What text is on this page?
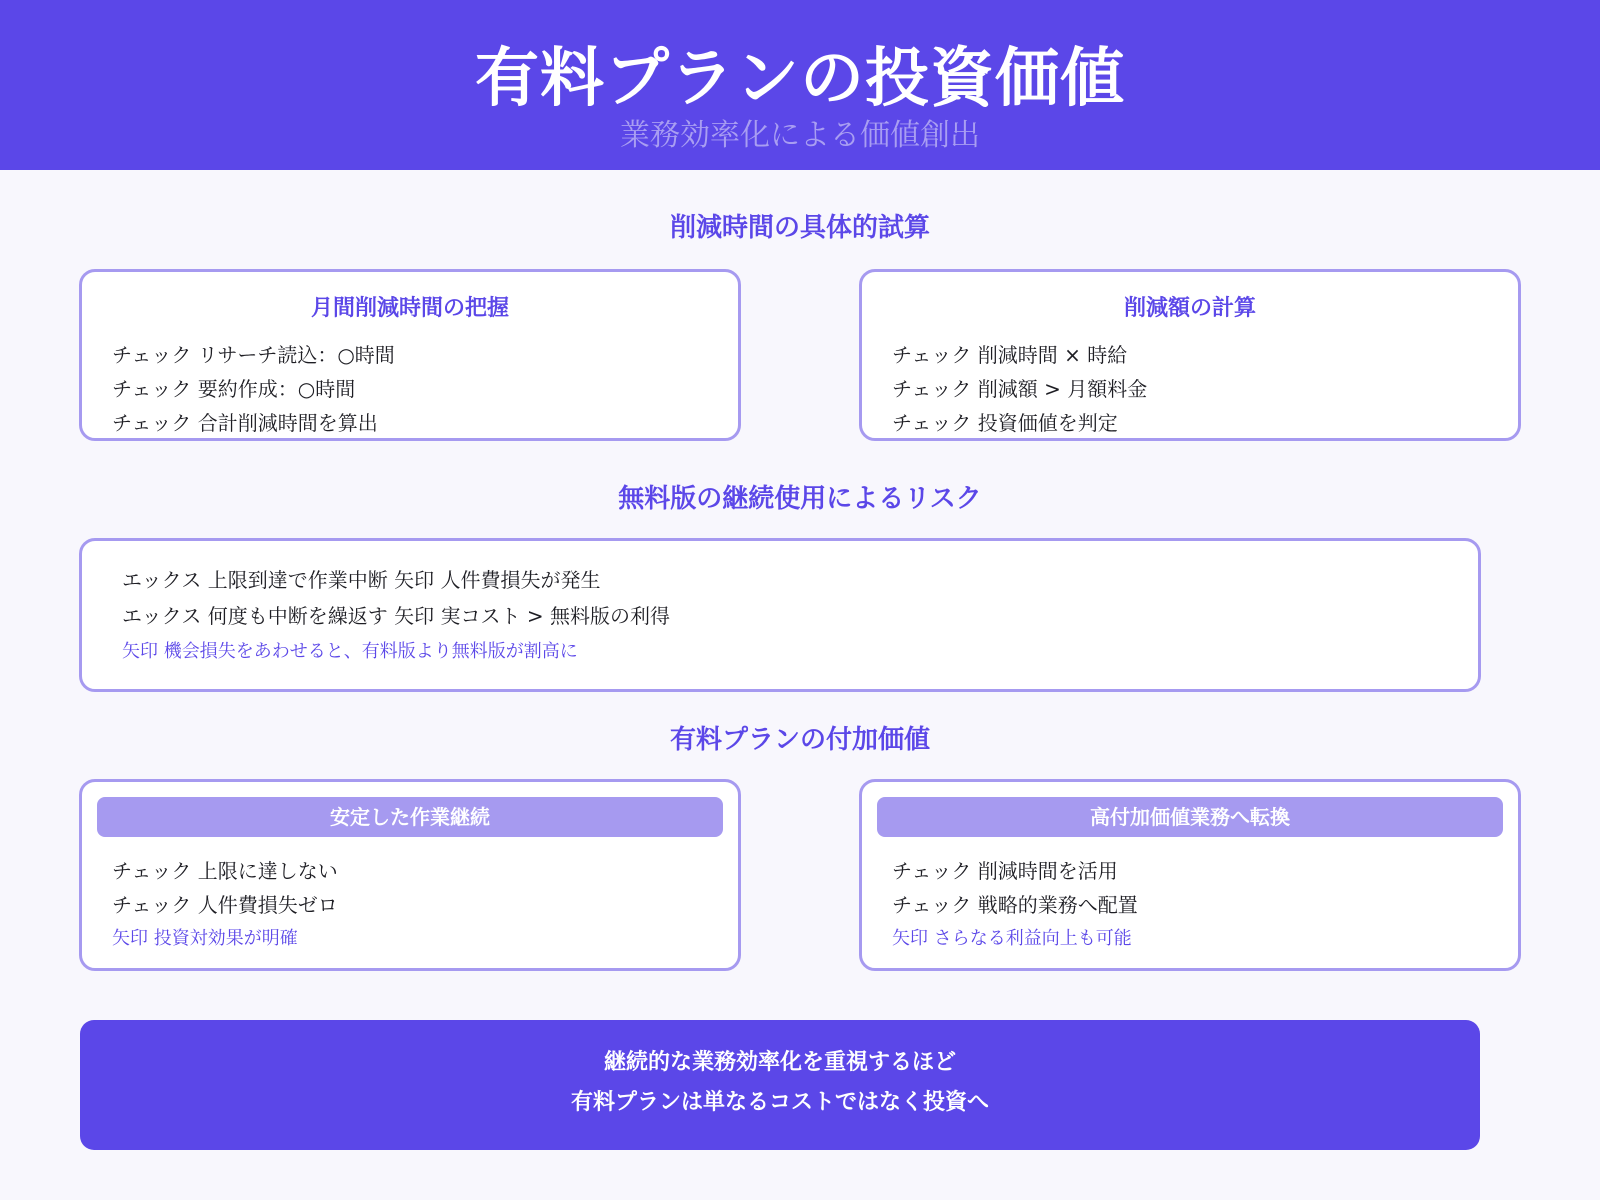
有料プランの投資価値
業務効率化による価値創出
削減時間の具体的試算
月間削減時間の把握
チェック リサーチ読込：○時間
チェック 要約作成：○時間
チェック 合計削減時間を算出
削減額の計算
チェック 削減時間 × 時給
チェック 削減額 > 月額料金
チェック 投資価値を判定
無料版の継続使用によるリスク
エックス 上限到達で作業中断 矢印 人件費損失が発生
エックス 何度も中断を繰返す 矢印 実コスト > 無料版の利得
矢印 機会損失をあわせると、有料版より無料版が割高に
有料プランの付加価値
安定した作業継続
チェック 上限に達しない
チェック 人件費損失ゼロ
矢印 投資対効果が明確
高付加価値業務へ転換
チェック 削減時間を活用
チェック 戦略的業務へ配置
矢印 さらなる利益向上も可能
継続的な業務効率化を重視するほど
有料プランは単なるコストではなく投資へ
